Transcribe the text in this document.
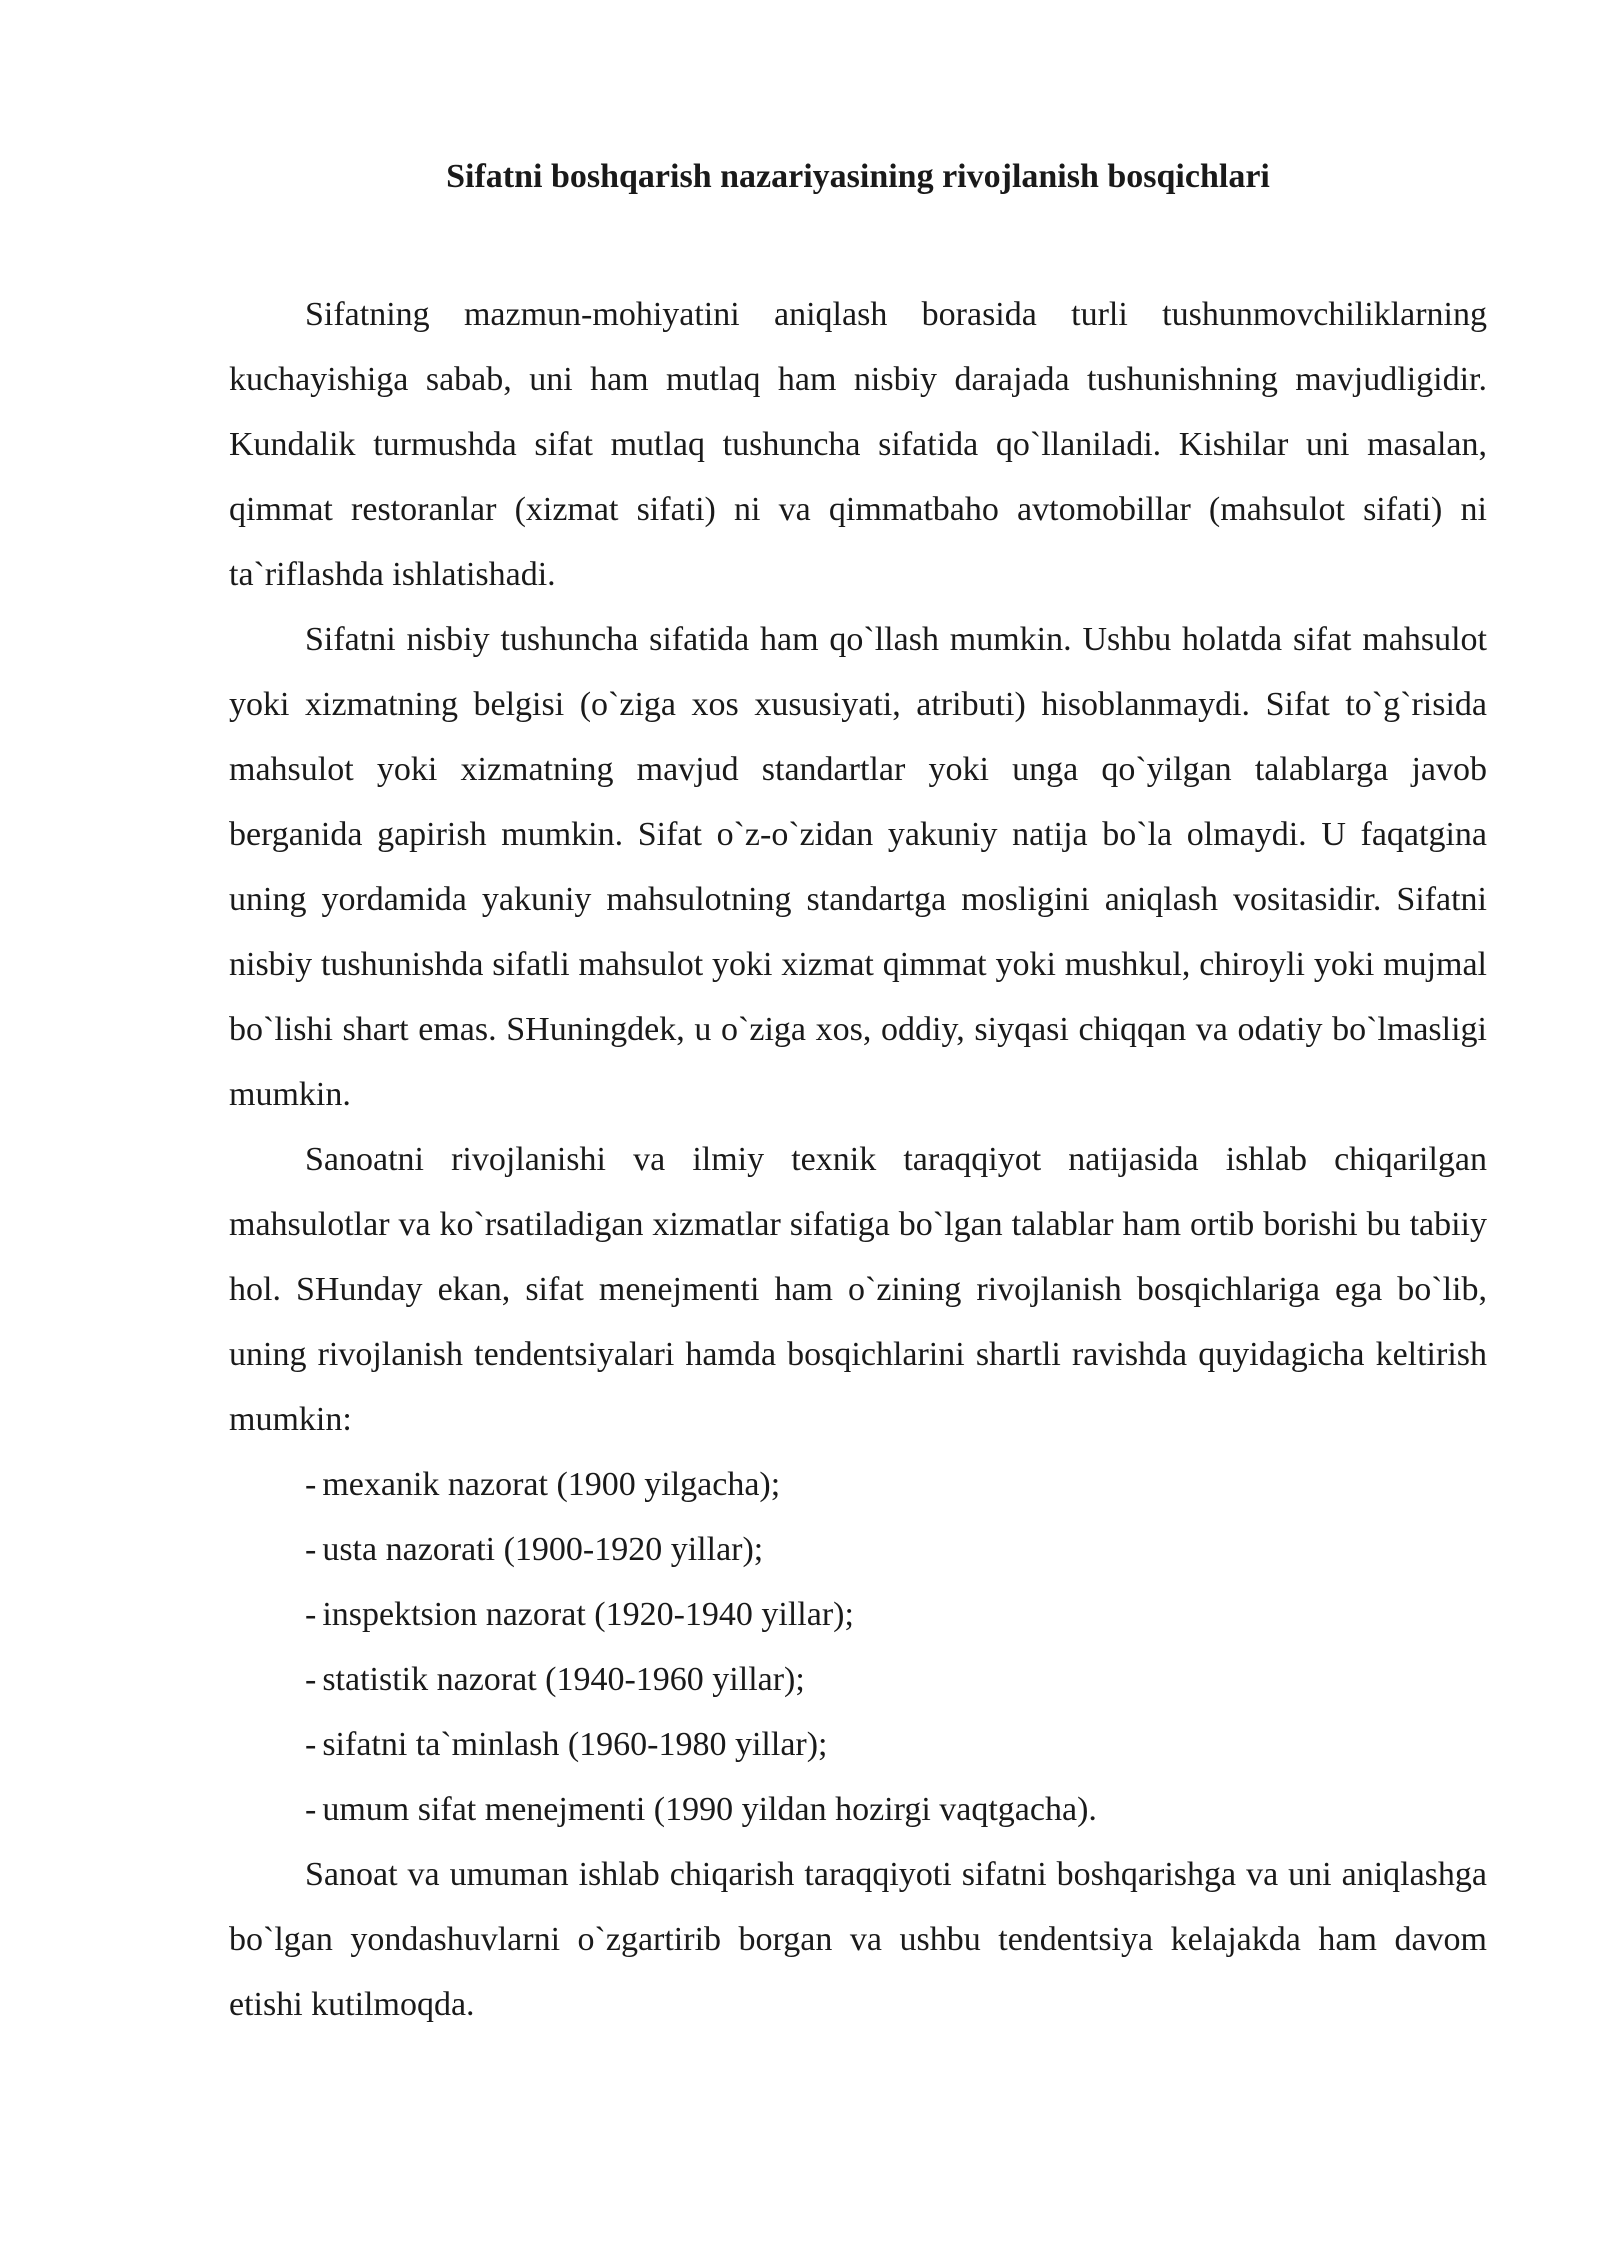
Sifatni boshqarish nazariyasining rivojlanish bosqichlari

Sifatning mazmun-mohiyatini aniqlash borasida turli tushunmovchiliklarning kuchayishiga sabab, uni ham mutlaq ham nisbiy darajada tushunishning mavjudligidir. Kundalik turmushda sifat mutlaq tushuncha sifatida qo`llaniladi. Kishilar uni masalan, qimmat restoranlar (xizmat sifati) ni va qimmatbaho avtomobillar (mahsulot sifati) ni ta`riflashda ishlatishadi.

Sifatni nisbiy tushuncha sifatida ham qo`llash mumkin. Ushbu holatda sifat mahsulot yoki xizmatning belgisi (o`ziga xos xususiyati, atributi) hisoblanmaydi. Sifat to`g`risida mahsulot yoki xizmatning mavjud standartlar yoki unga qo`yilgan talablarga javob berganida gapirish mumkin. Sifat o`z-o`zidan yakuniy natija bo`la olmaydi. U faqatgina uning yordamida yakuniy mahsulotning standartga mosligini aniqlash vositasidir. Sifatni nisbiy tushunishda sifatli mahsulot yoki xizmat qimmat yoki mushkul, chiroyli yoki mujmal bo`lishi shart emas. SHuningdek, u o`ziga xos, oddiy, siyqasi chiqqan va odatiy bo`lmasligi mumkin.

Sanoatni rivojlanishi va ilmiy texnik taraqqiyot natijasida ishlab chiqarilgan mahsulotlar va ko`rsatiladigan xizmatlar sifatiga bo`lgan talablar ham ortib borishi bu tabiiy hol. SHunday ekan, sifat menejmenti ham o`zining rivojlanish bosqichlariga ega bo`lib, uning rivojlanish tendentsiyalari hamda bosqichlarini shartli ravishda quyidagicha keltirish mumkin:

- mexanik nazorat (1900 yilgacha);
- usta nazorati (1900-1920 yillar);
- inspektsion nazorat (1920-1940 yillar);
- statistik nazorat (1940-1960 yillar);
- sifatni ta`minlash (1960-1980 yillar);
- umum sifat menejmenti (1990 yildan hozirgi vaqtgacha).

Sanoat va umuman ishlab chiqarish taraqqiyoti sifatni boshqarishga va uni aniqlashga bo`lgan yondashuvlarni o`zgartirib borgan va ushbu tendentsiya kelajakda ham davom etishi kutilmoqda.
